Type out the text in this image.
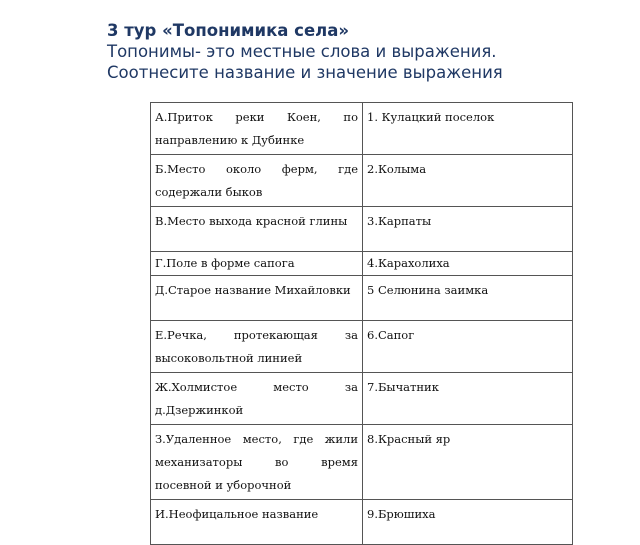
3 тур «Топонимика села»
Топонимы- это местные слова и выражения.
Соотнесите название и значение выражения
А.Приток реки Коен, по направлению к Дубинке	1. Кулацкий поселок
Б.Место около ферм, где содержали быков	2.Колыма
В.Место выхода красной глины	3.Карпаты
Г.Поле в форме сапога	4.Карахолиха
Д.Старое название Михайловки	5 Селюнина заимка
Е.Речка, протекающая за высоковольтной линией	6.Сапог
Ж.Холмистое место за д.Дзержинкой	7.Бычатник
З.Удаленное место, где жили механизаторы во время посевной и уборочной	8.Красный яр
И.Неофицальное название	9.Брюшиха
